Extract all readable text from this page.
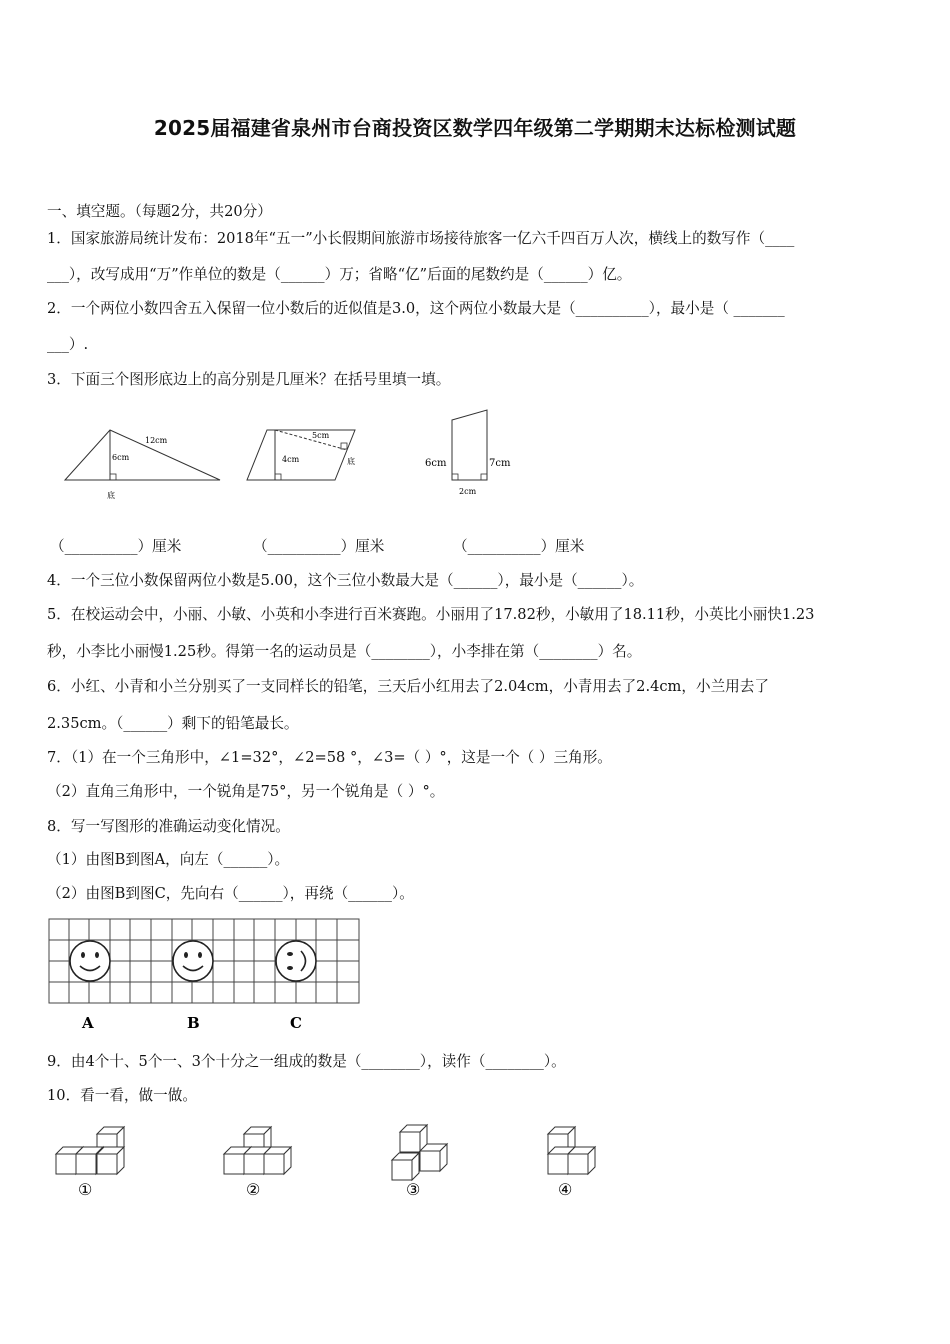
2025届福建省泉州市台商投资区数学四年级第二学期期末达标检测试题
一、填空题。（每题2分，共20分）
1．国家旅游局统计发布：2018年“五一”小长假期间旅游市场接待旅客一亿六千四百万人次，横线上的数写作（____
___），改写成用“万”作单位的数是（______）万；省略“亿”后面的尾数约是（______）亿。
2．一个两位小数四舍五入保留一位小数后的近似值是3.0，这个两位小数最大是（__________），最小是（ _______
___）.
3．下面三个图形底边上的高分别是几厘米？在括号里填一填。
12cm
6cm
底
5cm
4cm	底	6cm	7cm
2cm
（__________）厘米	（__________）厘米	（__________）厘米
4．一个三位小数保留两位小数是5.00，这个三位小数最大是（______），最小是（______）。
5．在校运动会中，小丽、小敏、小英和小李进行百米赛跑。小丽用了17.82秒，小敏用了18.11秒，小英比小丽快1.23
秒，小李比小丽慢1.25秒。得第一名的运动员是（________），小李排在第（________）名。
6．小红、小青和小兰分别买了一支同样长的铅笔，三天后小红用去了2.04cm，小青用去了2.4cm，小兰用去了
2.35cm。（______）剩下的铅笔最长。
7．（1）在一个三角形中，∠1=32°，∠2=58 °，∠3=（ ）°，这是一个（ ）三角形。
（2）直角三角形中，一个锐角是75°，另一个锐角是（ ）°。
8．写一写图形的准确运动变化情况。
（1）由图B到图A，向左（______）。
（2）由图B到图C，先向右（______），再绕（______）。
A	B	C
9．由4个十、5个一、3个十分之一组成的数是（________），读作（________）。
10．看一看，做一做。
①	②	③	④
